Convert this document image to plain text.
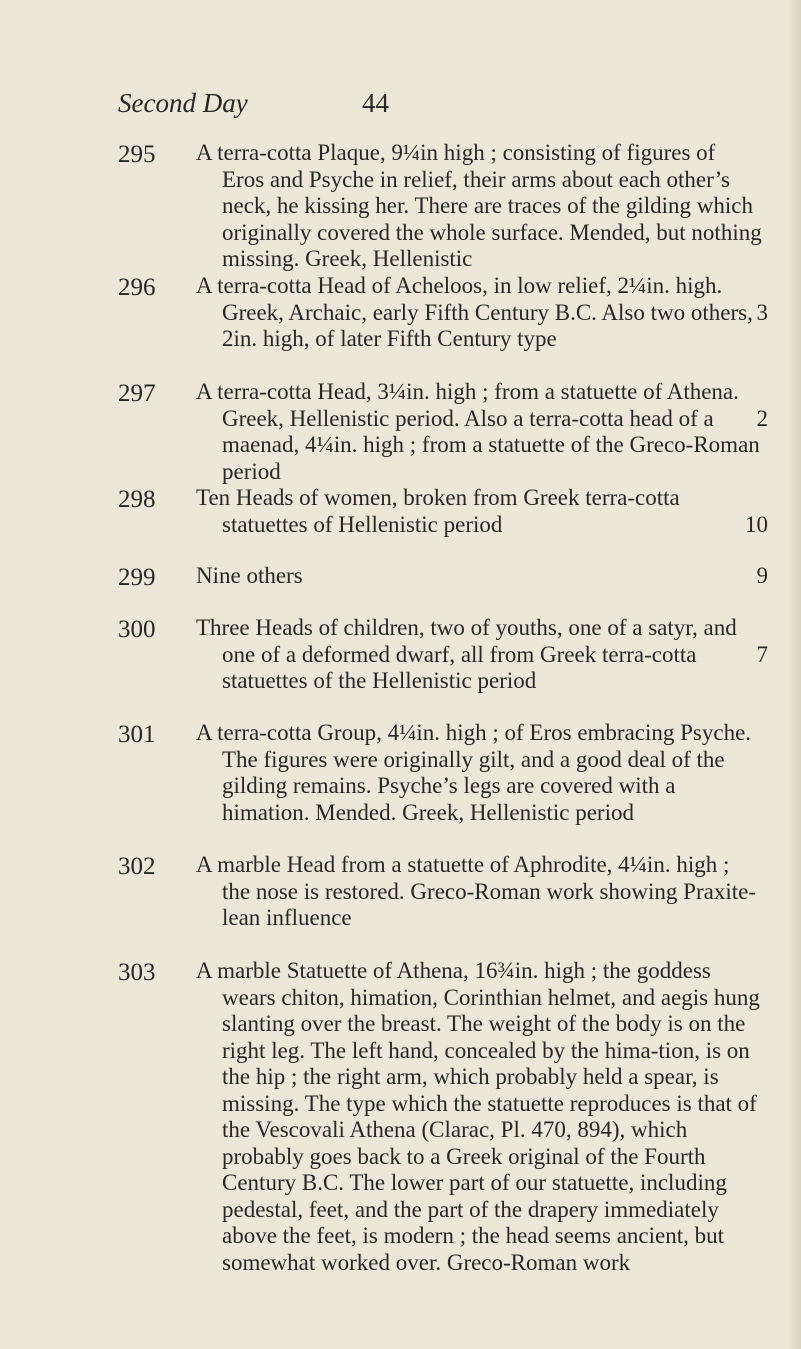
Second Day	44
295 A terra-cotta Plaque, 9¼in high ; consisting of figures of
Eros and Psyche in relief, their arms about each other’s neck, he kissing her. There are traces of the gilding which originally covered the whole surface. Mended, but nothing missing. Greek, Hellenistic
296 A terra-cotta Head of Acheloos, in low relief, 2¼in. high.
3
Greek, Archaic, early Fifth Century B.C. Also two others, 2in. high, of later Fifth Century type
297 A terra-cotta Head, 3¼in. high ; from a statuette of Athena.
2
Greek, Hellenistic period. Also a terra-cotta head of a maenad, 4¼in. high ; from a statuette of the Greco-Roman period
298 Ten Heads of women, broken from Greek terra-cotta
10
statuettes of Hellenistic period
299	9
Nine others
300 Three Heads of children, two of youths, one of a satyr, and
7
one of a deformed dwarf, all from Greek terra-cotta statuettes of the Hellenistic period
301 A terra-cotta Group, 4¼in. high ; of Eros embracing Psyche.
The figures were originally gilt, and a good deal of the gilding remains. Psyche’s legs are covered with a himation. Mended. Greek, Hellenistic period
302 A marble Head from a statuette of Aphrodite, 4¼in. high ;
the nose is restored. Greco-Roman work showing Praxite-lean influence
303 A marble Statuette of Athena, 16¾in. high ; the goddess
wears chiton, himation, Corinthian helmet, and aegis hung slanting over the breast. The weight of the body is on the right leg. The left hand, concealed by the hima-tion, is on the hip ; the right arm, which probably held a spear, is missing. The type which the statuette reproduces is that of the Vescovali Athena (Clarac, Pl. 470, 894), which probably goes back to a Greek original of the Fourth Century B.C. The lower part of our statuette, including pedestal, feet, and the part of the drapery immediately above the feet, is modern ; the head seems ancient, but somewhat worked over. Greco-Roman work
